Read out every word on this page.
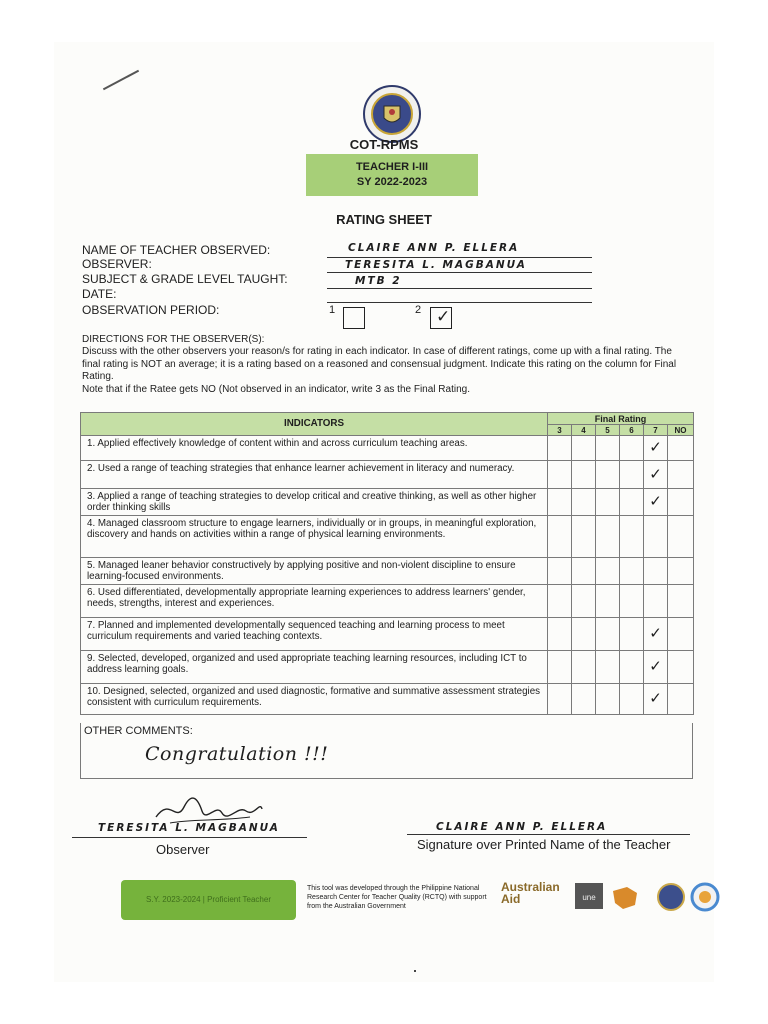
COT-RPMS
TEACHER I-III
SY 2022-2023
RATING SHEET
NAME OF TEACHER OBSERVED:	CLAIRE ANN P. ELLERA
OBSERVER:	TERESITA L. MAGBANUA
SUBJECT & GRADE LEVEL TAUGHT:	MTB 2
DATE:
OBSERVATION PERIOD:	1	2 ✓
DIRECTIONS FOR THE OBSERVER(S):
Discuss with the other observers your reason/s for rating in each indicator. In case of different ratings, come up with a final rating. The final rating is NOT an average; it is a rating based on a reasoned and consensual judgment. Indicate this rating on the column for Final Rating.
Note that if the Ratee gets NO (Not observed in an indicator, write 3 as the Final Rating.
INDICATORS	Final Rating					
	3	4	5	6	7	NO

1. Applied effectively knowledge of content within and across curriculum teaching areas.					✓	

2. Used a range of teaching strategies that enhance learner achievement in literacy and numeracy.					✓	

3. Applied a range of teaching strategies to develop critical and creative thinking, as well as other higher order thinking skills					✓	

4. Managed classroom structure to engage learners, individually or in groups, in meaningful exploration, discovery and hands on activities within a range of physical learning environments.						

5. Managed leaner behavior constructively by applying positive and non-violent discipline to ensure learning-focused environments.						

6. Used differentiated, developmentally appropriate learning experiences to address learners' gender, needs, strengths, interest and experiences.						

7. Planned and implemented developmentally sequenced teaching and learning process to meet curriculum requirements and varied teaching contexts.					✓	

9. Selected, developed, organized and used appropriate teaching learning resources, including ICT to address learning goals.					✓	

10. Designed, selected, organized and used diagnostic, formative and summative assessment strategies consistent with curriculum requirements.					✓	
OTHER COMMENTS:
Congratulation !!!
TERESITA L. MAGBANUA
Observer
CLAIRE ANN P. ELLERA
Signature over Printed Name of the Teacher
S.Y. 2023-2024 | Proficient Teacher
This tool was developed through the Philippine National Research Center for Teacher Quality (RCTQ) with support from the Australian Government
Australian
Aid	une
